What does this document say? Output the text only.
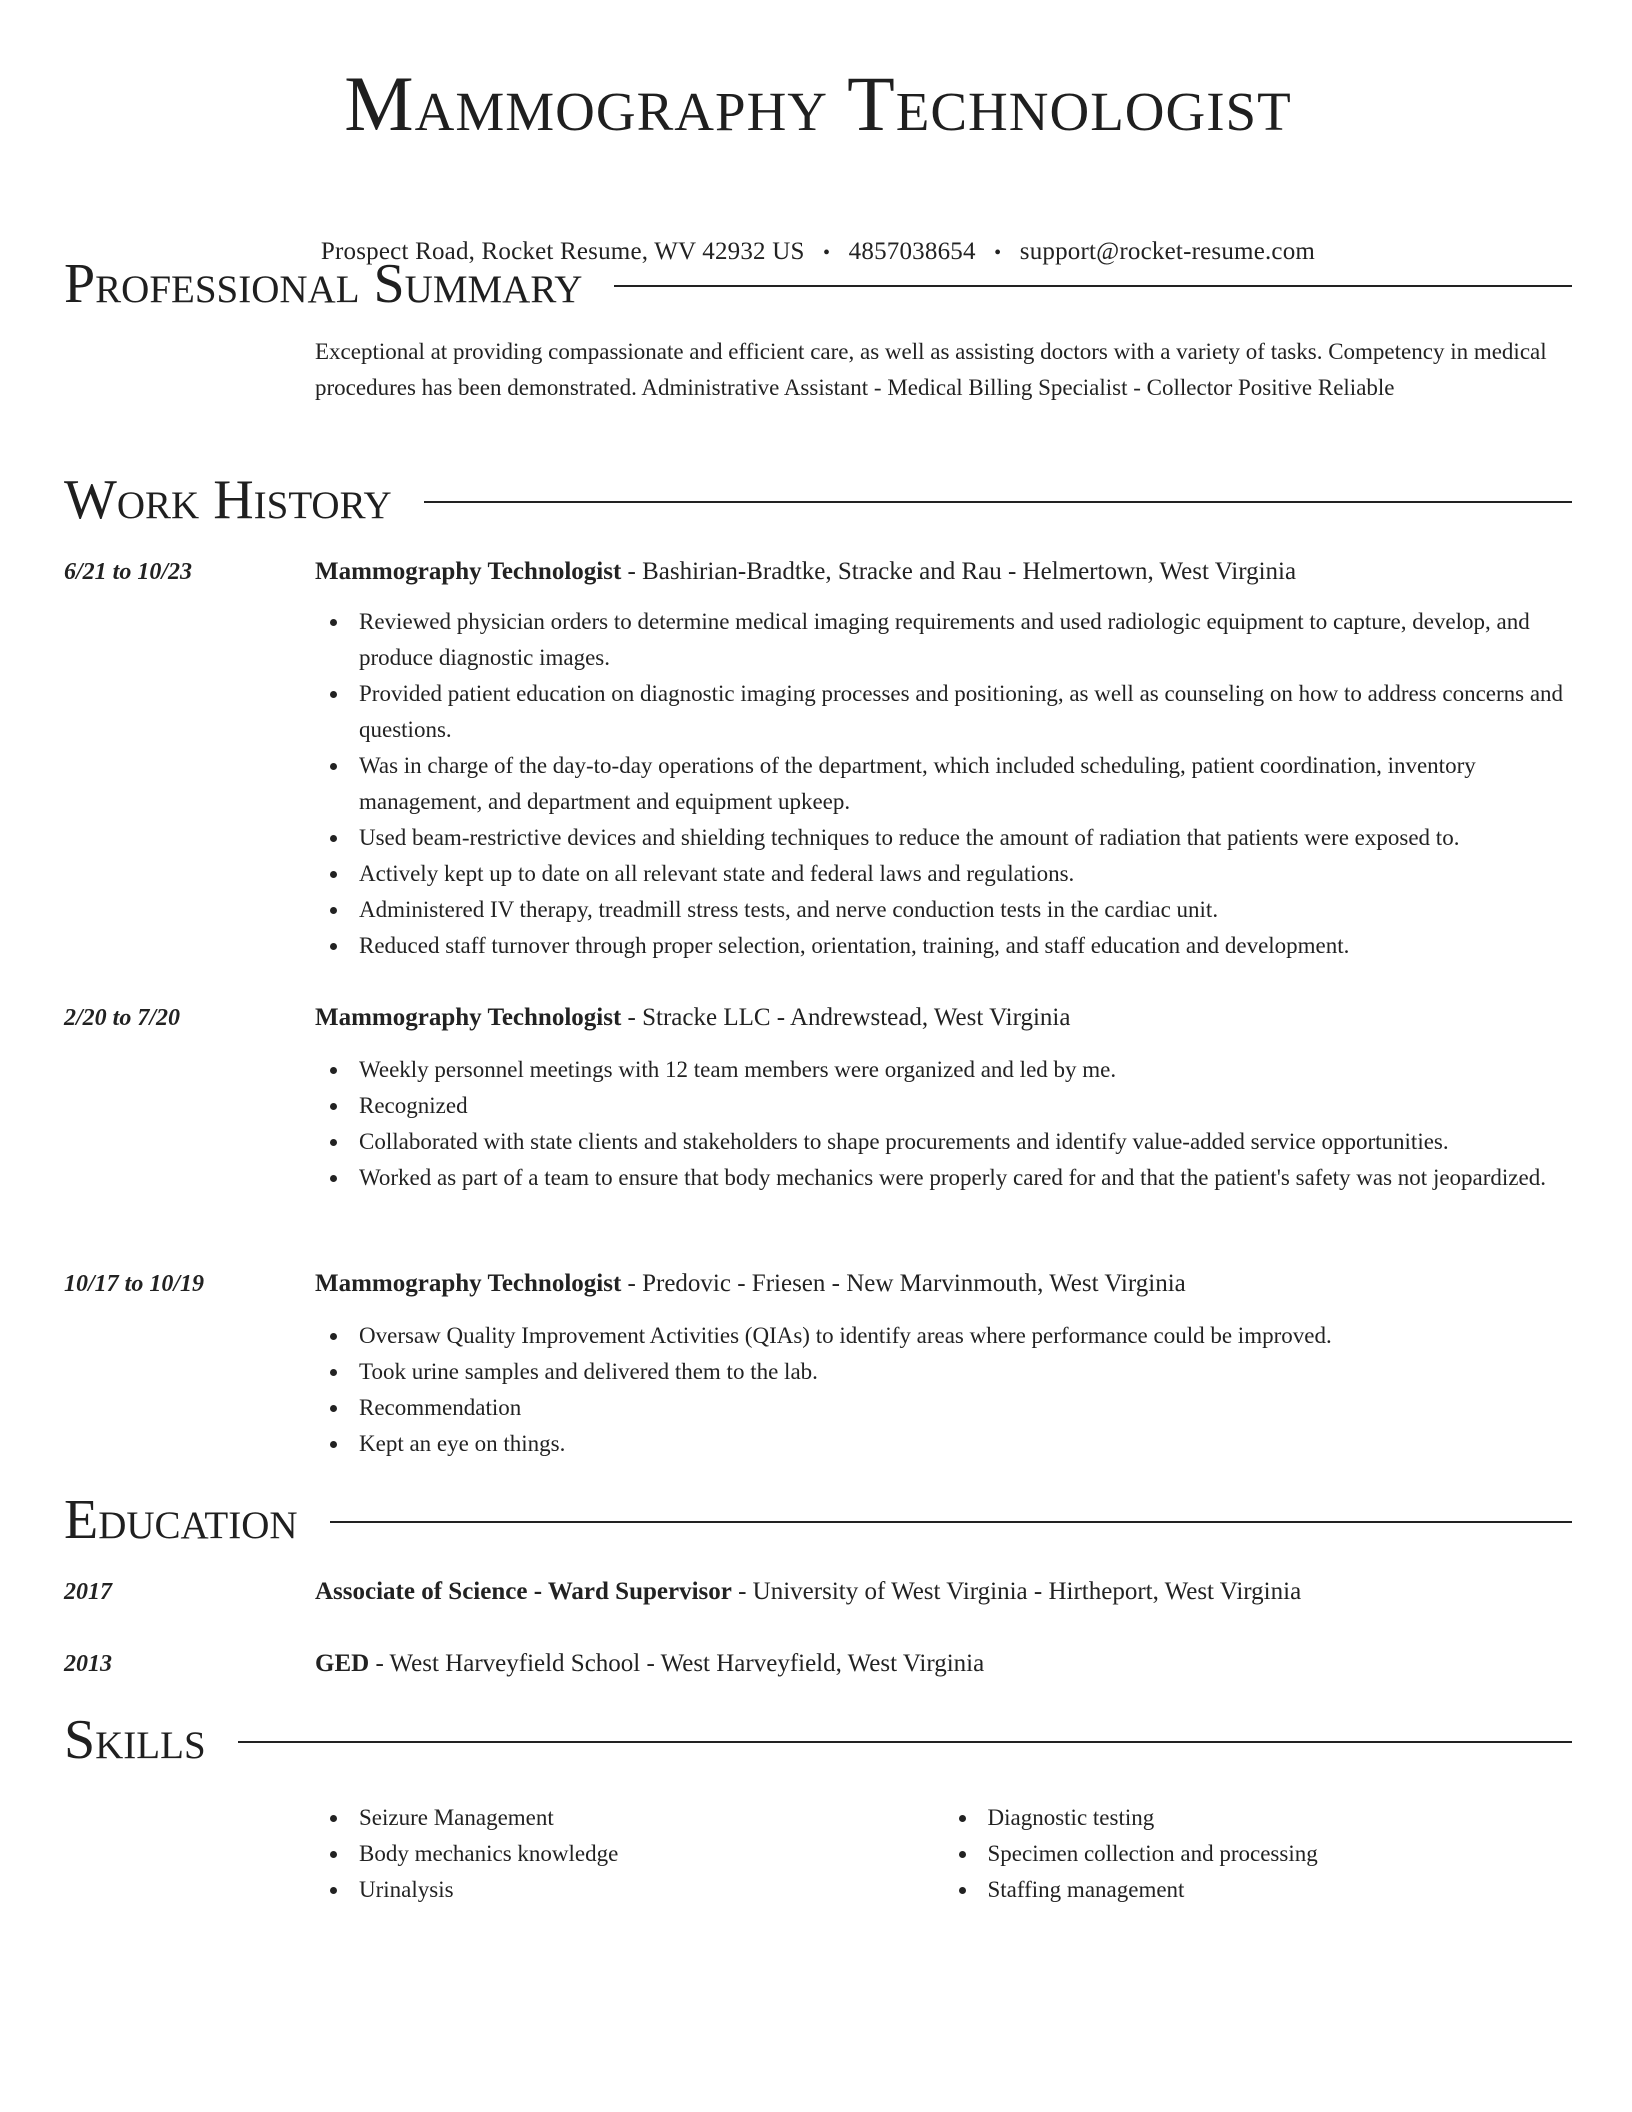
Mammography Technologist
Prospect Road, Rocket Resume, WV 42932 US • 4857038654 • support@rocket-resume.com
Professional Summary
Exceptional at providing compassionate and efficient care, as well as assisting doctors with a variety of tasks. Competency in medical procedures has been demonstrated. Administrative Assistant - Medical Billing Specialist - Collector Positive Reliable
Work History
6/21 to 10/23	Mammography Technologist - Bashirian-Bradtke, Stracke and Rau - Helmertown, West Virginia
Reviewed physician orders to determine medical imaging requirements and used radiologic equipment to capture, develop, and produce diagnostic images.
Provided patient education on diagnostic imaging processes and positioning, as well as counseling on how to address concerns and questions.
Was in charge of the day-to-day operations of the department, which included scheduling, patient coordination, inventory management, and department and equipment upkeep.
Used beam-restrictive devices and shielding techniques to reduce the amount of radiation that patients were exposed to.
Actively kept up to date on all relevant state and federal laws and regulations.
Administered IV therapy, treadmill stress tests, and nerve conduction tests in the cardiac unit.
Reduced staff turnover through proper selection, orientation, training, and staff education and development.
2/20 to 7/20	Mammography Technologist - Stracke LLC - Andrewstead, West Virginia
Weekly personnel meetings with 12 team members were organized and led by me.
Recognized
Collaborated with state clients and stakeholders to shape procurements and identify value-added service opportunities.
Worked as part of a team to ensure that body mechanics were properly cared for and that the patient's safety was not jeopardized.
10/17 to 10/19	Mammography Technologist - Predovic - Friesen - New Marvinmouth, West Virginia
Oversaw Quality Improvement Activities (QIAs) to identify areas where performance could be improved.
Took urine samples and delivered them to the lab.
Recommendation
Kept an eye on things.
Education
2017	Associate of Science - Ward Supervisor - University of West Virginia - Hirtheport, West Virginia
2013	GED - West Harveyfield School - West Harveyfield, West Virginia
Skills
Seizure Management
Body mechanics knowledge
Urinalysis
Diagnostic testing
Specimen collection and processing
Staffing management
